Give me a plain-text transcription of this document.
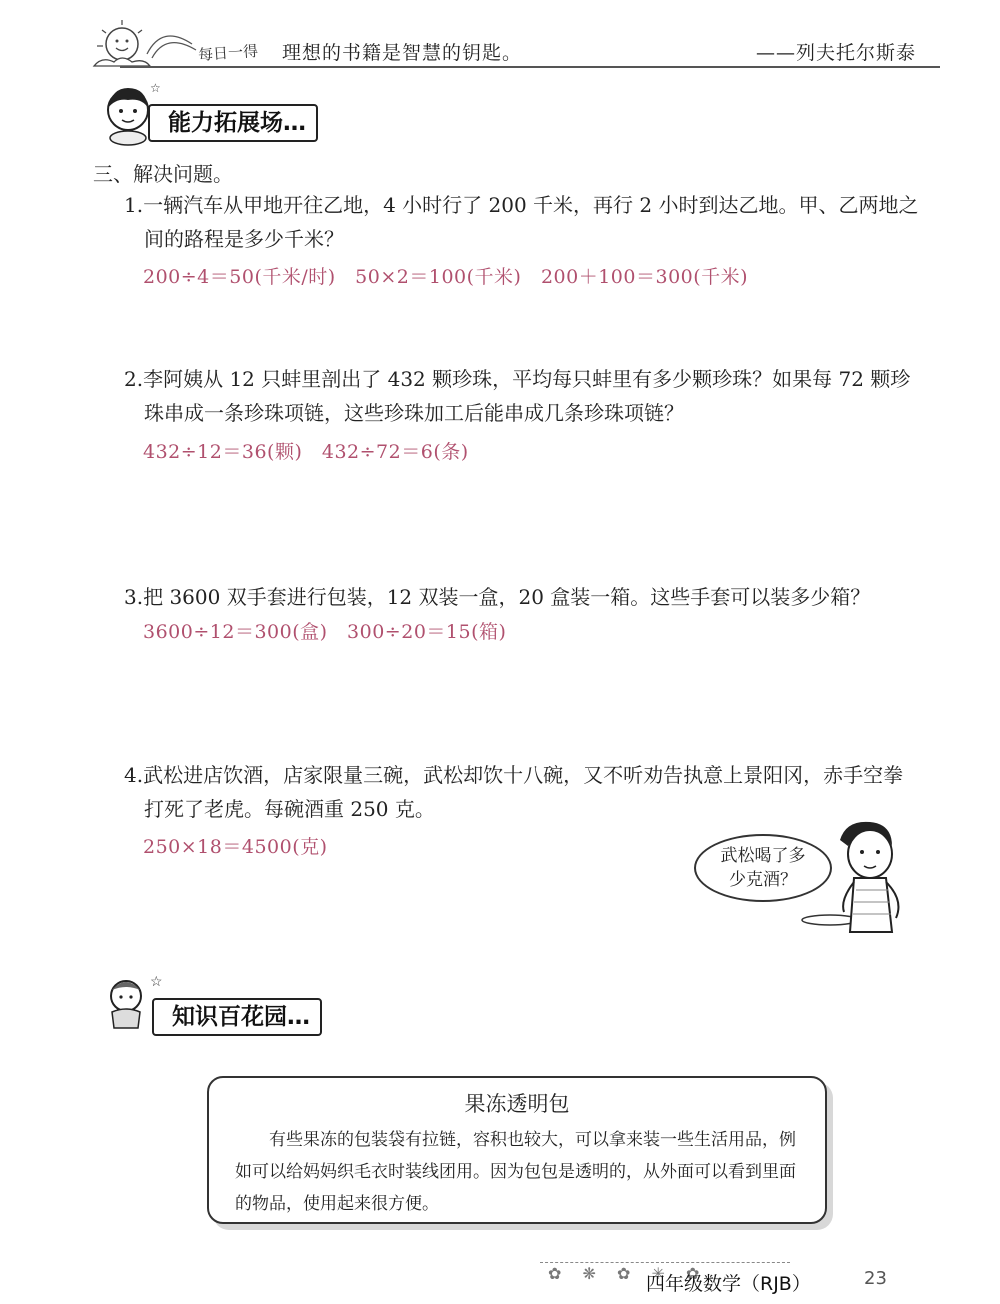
每日一得 理想的书籍是智慧的钥匙。	——列夫托尔斯泰
☆
能力拓展场…
三、解决问题。
1.一辆汽车从甲地开往乙地，4 小时行了 200 千米，再行 2 小时到达乙地。甲、乙两地之
间的路程是多少千米？
200÷4＝50(千米/时)　50×2＝100(千米)　200＋100＝300(千米)
2.李阿姨从 12 只蚌里剖出了 432 颗珍珠，平均每只蚌里有多少颗珍珠？如果每 72 颗珍
珠串成一条珍珠项链，这些珍珠加工后能串成几条珍珠项链？
432÷12＝36(颗)　432÷72＝6(条)
3.把 3600 双手套进行包装，12 双装一盒，20 盒装一箱。这些手套可以装多少箱？
3600÷12＝300(盒)　300÷20＝15(箱)
4.武松进店饮酒，店家限量三碗，武松却饮十八碗，又不听劝告执意上景阳冈，赤手空拳
打死了老虎。每碗酒重 250 克。
250×18＝4500(克)	武松喝了多
少克酒？
☆
知识百花园…
果冻透明包
有些果冻的包装袋有拉链，容积也较大，可以拿来装一些生活用品，例如可以给妈妈织毛衣时装线团用。因为包包是透明的，从外面可以看到里面的物品，使用起来很方便。
✿ ❋ ✿ ✳ ✿
四年级数学（RJB）	23
